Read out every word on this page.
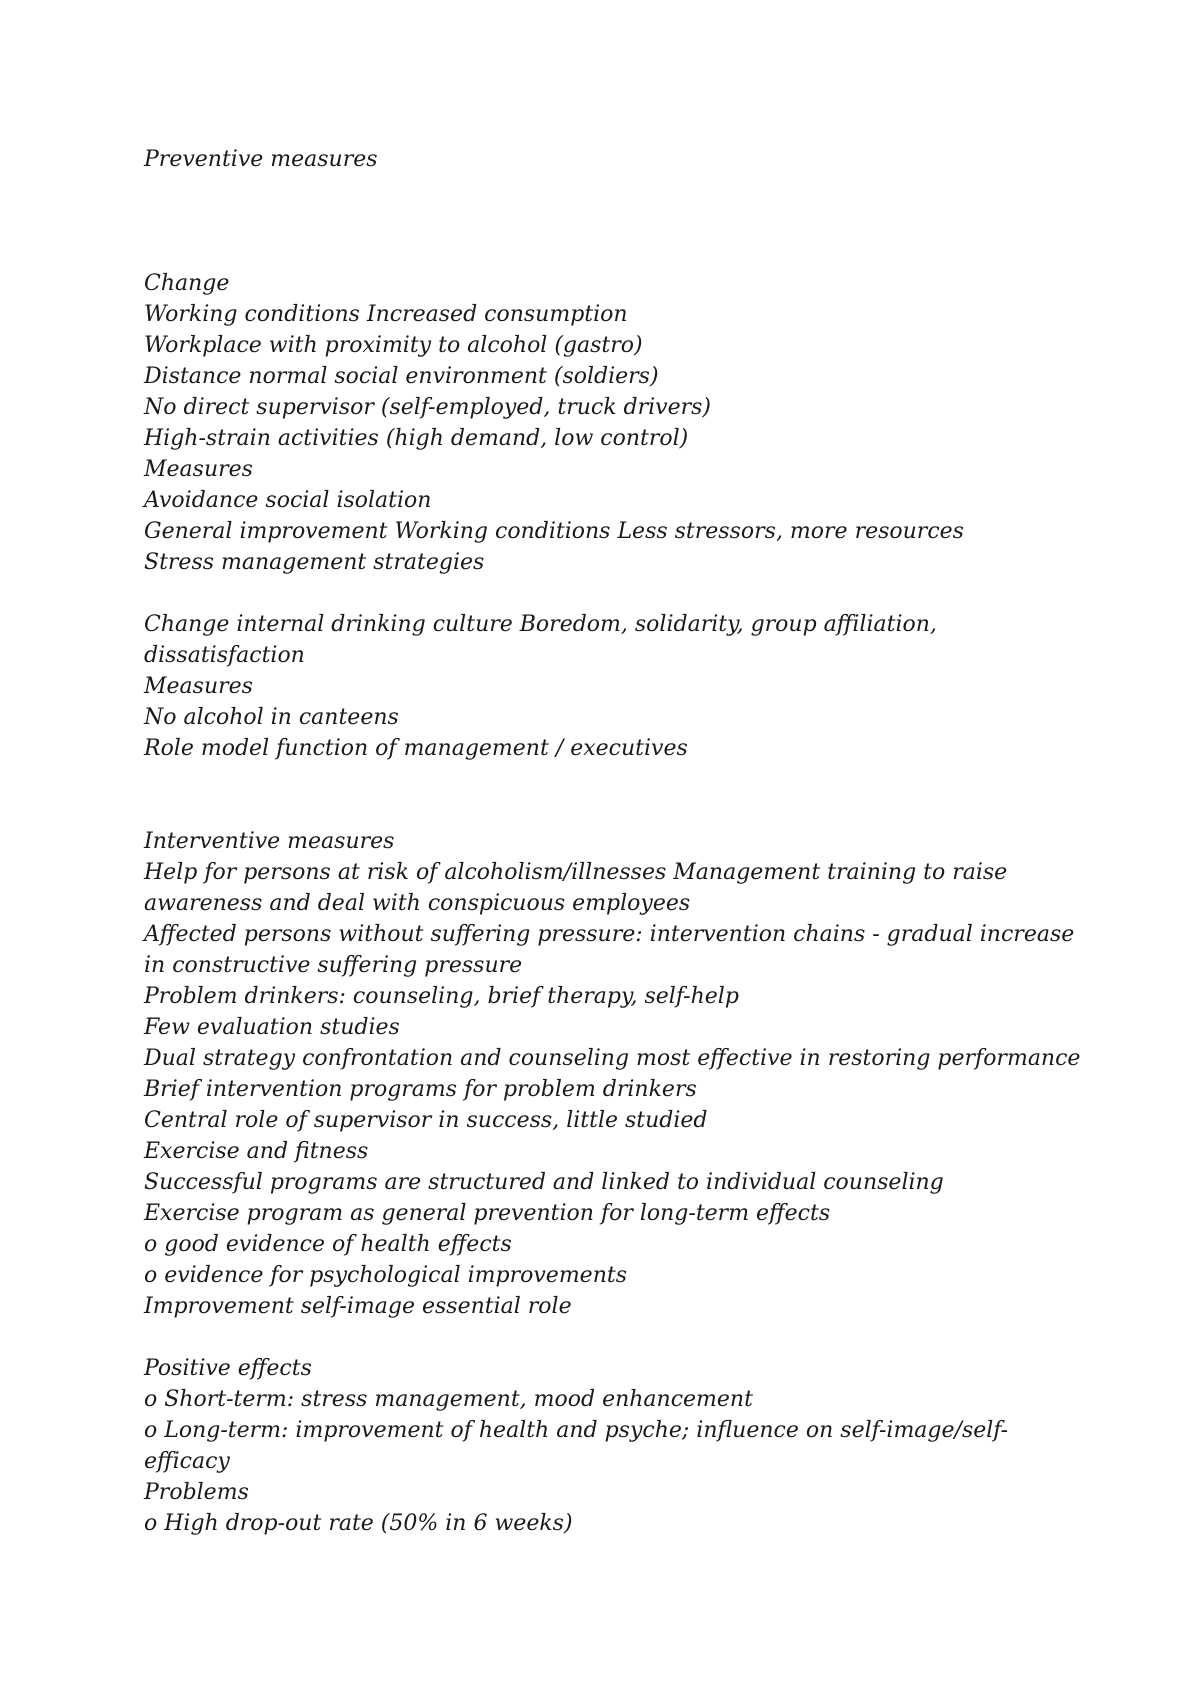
Preventive measures
Change
Working conditions Increased consumption
Workplace with proximity to alcohol (gastro)
Distance normal social environment (soldiers)
No direct supervisor (self-employed, truck drivers)
High-strain activities (high demand, low control)
Measures
Avoidance social isolation
General improvement Working conditions Less stressors, more resources
Stress management strategies
Change internal drinking culture Boredom, solidarity, group affiliation,
dissatisfaction
Measures
No alcohol in canteens
Role model function of management / executives
Interventive measures
Help for persons at risk of alcoholism/illnesses Management training to raise
awareness and deal with conspicuous employees
Affected persons without suffering pressure: intervention chains - gradual increase
in constructive suffering pressure
Problem drinkers: counseling, brief therapy, self-help
Few evaluation studies
Dual strategy confrontation and counseling most effective in restoring performance
Brief intervention programs for problem drinkers
Central role of supervisor in success, little studied
Exercise and fitness
Successful programs are structured and linked to individual counseling
Exercise program as general prevention for long-term effects
o good evidence of health effects
o evidence for psychological improvements
Improvement self-image essential role
Positive effects
o Short-term: stress management, mood enhancement
o Long-term: improvement of health and psyche; influence on self-image/self-
efficacy
Problems
o High drop-out rate (50% in 6 weeks)
